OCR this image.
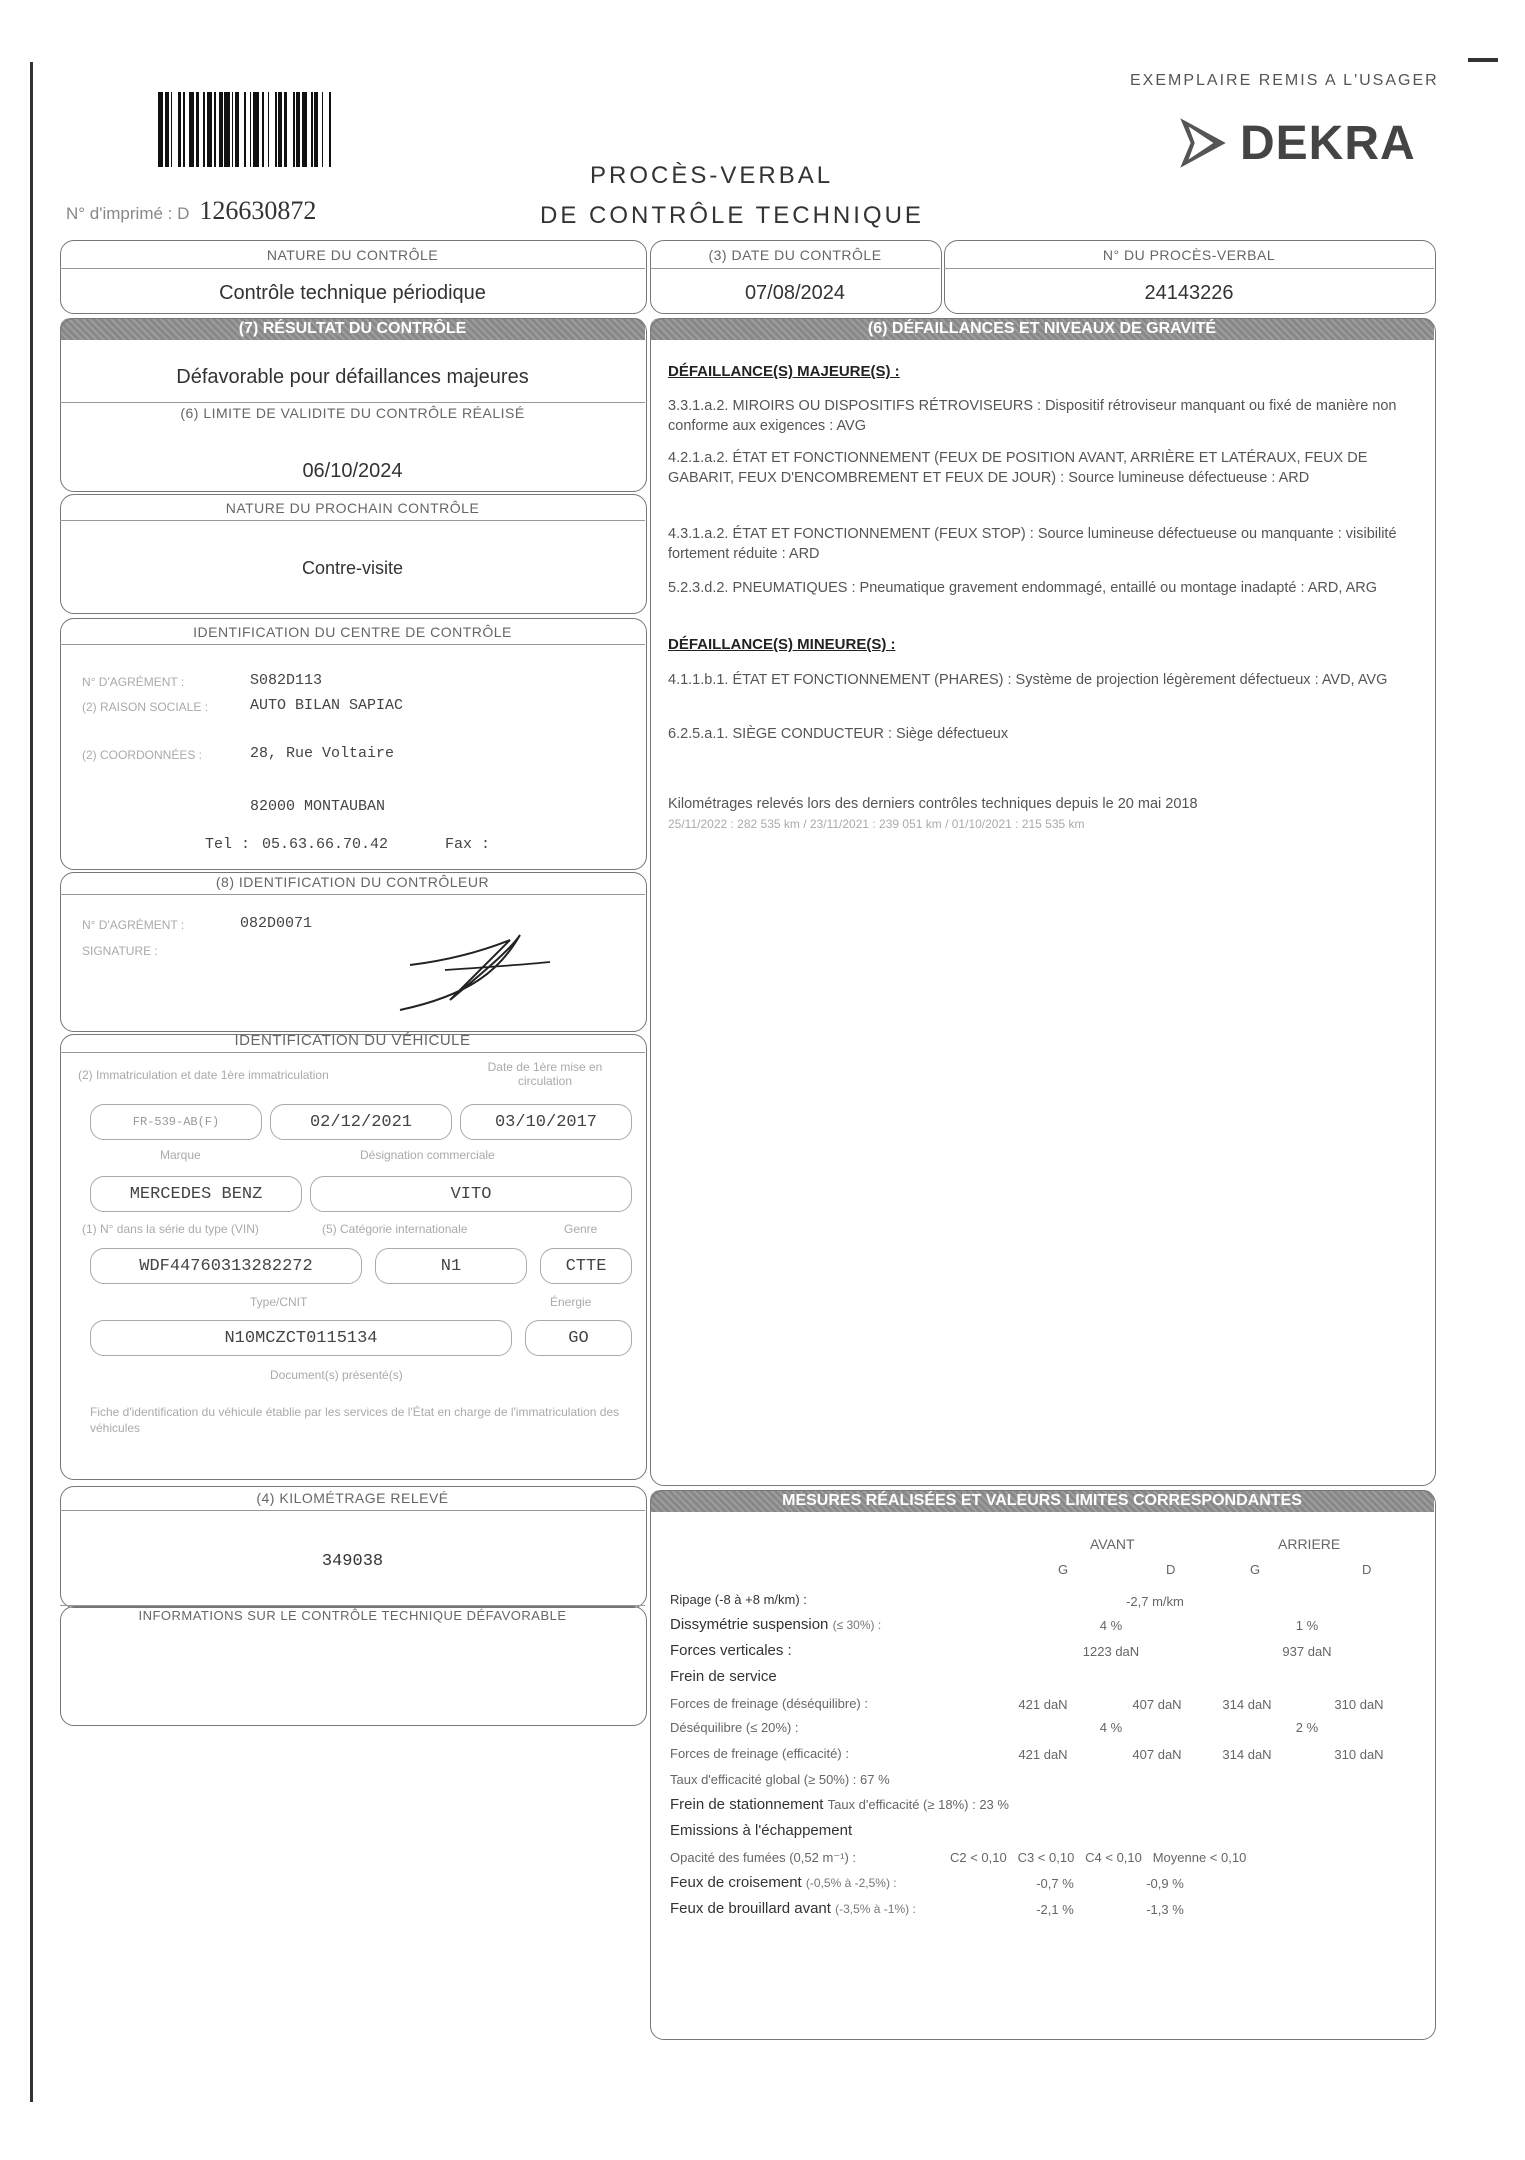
EXEMPLAIRE REMIS A L'USAGER
DEKRA
PROCÈS-VERBAL
DE CONTRÔLE TECHNIQUE
N° d'imprimé : D 126630872
NATURE DU CONTRÔLE
Contrôle technique périodique
(3) DATE DU CONTRÔLE
07/08/2024
N° DU PROCÈS-VERBAL
24143226
(7) RÉSULTAT DU CONTRÔLE
Défavorable pour défaillances majeures
(6) LIMITE DE VALIDITE DU CONTRÔLE RÉALISÉ
06/10/2024
NATURE DU PROCHAIN CONTRÔLE
Contre-visite
IDENTIFICATION DU CENTRE DE CONTRÔLE
N° D'AGRÉMENT :	S082D113
(2) RAISON SOCIALE :	AUTO BILAN SAPIAC
(2) COORDONNÉES :	28, Rue Voltaire
82000 MONTAUBAN
Tel : 05.63.66.70.42	Fax :
(8) IDENTIFICATION DU CONTRÔLEUR
N° D'AGRÉMENT :	082D0071
SIGNATURE :
IDENTIFICATION DU VÉHICULE
(2) Immatriculation et date 1ère immatriculation
Date de 1ère mise en circulation
FR-539-AB(F)	02/12/2021	03/10/2017
Marque	Désignation commerciale
MERCEDES BENZ	VITO
(1) N° dans la série du type (VIN)	(5) Catégorie internationale	Genre
WDF44760313282272	N1	CTTE
Type/CNIT	Énergie
N10MCZCT0115134	GO
Document(s) présenté(s)
Fiche d'identification du véhicule établie par les services de l'État en charge de l'immatriculation des véhicules
(4) KILOMÉTRAGE RELEVÉ
349038
INFORMATIONS SUR LE CONTRÔLE TECHNIQUE DÉFAVORABLE
(6) DÉFAILLANCES ET NIVEAUX DE GRAVITÉ
DÉFAILLANCE(S) MAJEURE(S) :
3.3.1.a.2. MIROIRS OU DISPOSITIFS RÉTROVISEURS : Dispositif rétroviseur manquant ou fixé de manière non conforme aux exigences : AVG
4.2.1.a.2. ÉTAT ET FONCTIONNEMENT (FEUX DE POSITION AVANT, ARRIÈRE ET LATÉRAUX, FEUX DE GABARIT, FEUX D'ENCOMBREMENT ET FEUX DE JOUR) : Source lumineuse défectueuse : ARD
4.3.1.a.2. ÉTAT ET FONCTIONNEMENT (FEUX STOP) : Source lumineuse défectueuse ou manquante : visibilité fortement réduite : ARD
5.2.3.d.2. PNEUMATIQUES : Pneumatique gravement endommagé, entaillé ou montage inadapté : ARD, ARG
DÉFAILLANCE(S) MINEURE(S) :
4.1.1.b.1. ÉTAT ET FONCTIONNEMENT (PHARES) : Système de projection légèrement défectueux : AVD, AVG
6.2.5.a.1. SIÈGE CONDUCTEUR : Siège défectueux
Kilométrages relevés lors des derniers contrôles techniques depuis le 20 mai 2018
25/11/2022 : 282 535 km / 23/11/2021 : 239 051 km / 01/10/2021 : 215 535 km
MESURES RÉALISÉES ET VALEURS LIMITES CORRESPONDANTES
AVANT	ARRIERE
G	D	G	D
Ripage (-8 à +8 m/km) :	-2,7 m/km
Dissymétrie suspension (≤ 30%) :	4 %	1 %
Forces verticales :	1223 daN	937 daN
Frein de service
Forces de freinage (déséquilibre) :	421 daN	407 daN	314 daN	310 daN
Déséquilibre (≤ 20%) :	4 %	2 %
Forces de freinage (efficacité) :	421 daN	407 daN	314 daN	310 daN
Taux d'efficacité global (≥ 50%) : 67 %
Frein de stationnement Taux d'efficacité (≥ 18%) : 23 %
Emissions à l'échappement
Opacité des fumées (0,52 m⁻¹) :	C2 < 0,10   C3 < 0,10   C4 < 0,10   Moyenne < 0,10
Feux de croisement (-0,5% à -2,5%) :	-0,7 %	-0,9 %
Feux de brouillard avant (-3,5% à -1%) :	-2,1 %	-1,3 %
